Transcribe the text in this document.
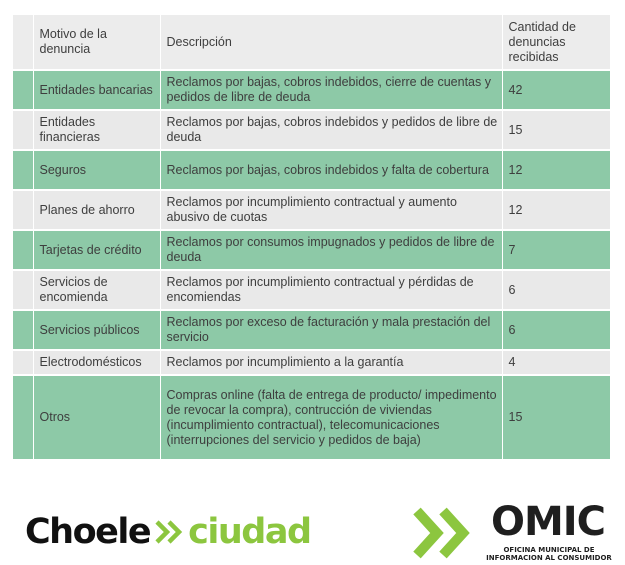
	Motivo de la denuncia	Descripción	Cantidad de denuncias recibidas
	Entidades bancarias	Reclamos por bajas, cobros indebidos, cierre de cuentas y pedidos de libre de deuda	42
	Entidades financieras	Reclamos por bajas, cobros indebidos y pedidos de libre de deuda	15
	Seguros	Reclamos por bajas, cobros indebidos y falta de cobertura	12
	Planes de ahorro	Reclamos por incumplimiento contractual y aumento abusivo de cuotas	12
	Tarjetas de crédito	Reclamos por consumos impugnados y pedidos de libre de deuda	7
	Servicios de encomienda	Reclamos por incumplimiento contractual y pérdidas de encomiendas	6
	Servicios públicos	Reclamos por exceso de facturación y mala prestación del servicio	6
	Electrodomésticos	Reclamos por incumplimiento a la garantía	4
	Otros	Compras online (falta de entrega de producto/ impedimento de revocar la compra), contrucción de viviendas (incumplimiento contractual), telecomunicaciones (interrupciones del servicio y pedidos de baja)	15
Choele ciudad	OMIC
OFICINA MUNICIPAL DE
INFORMACION AL CONSUMIDOR
